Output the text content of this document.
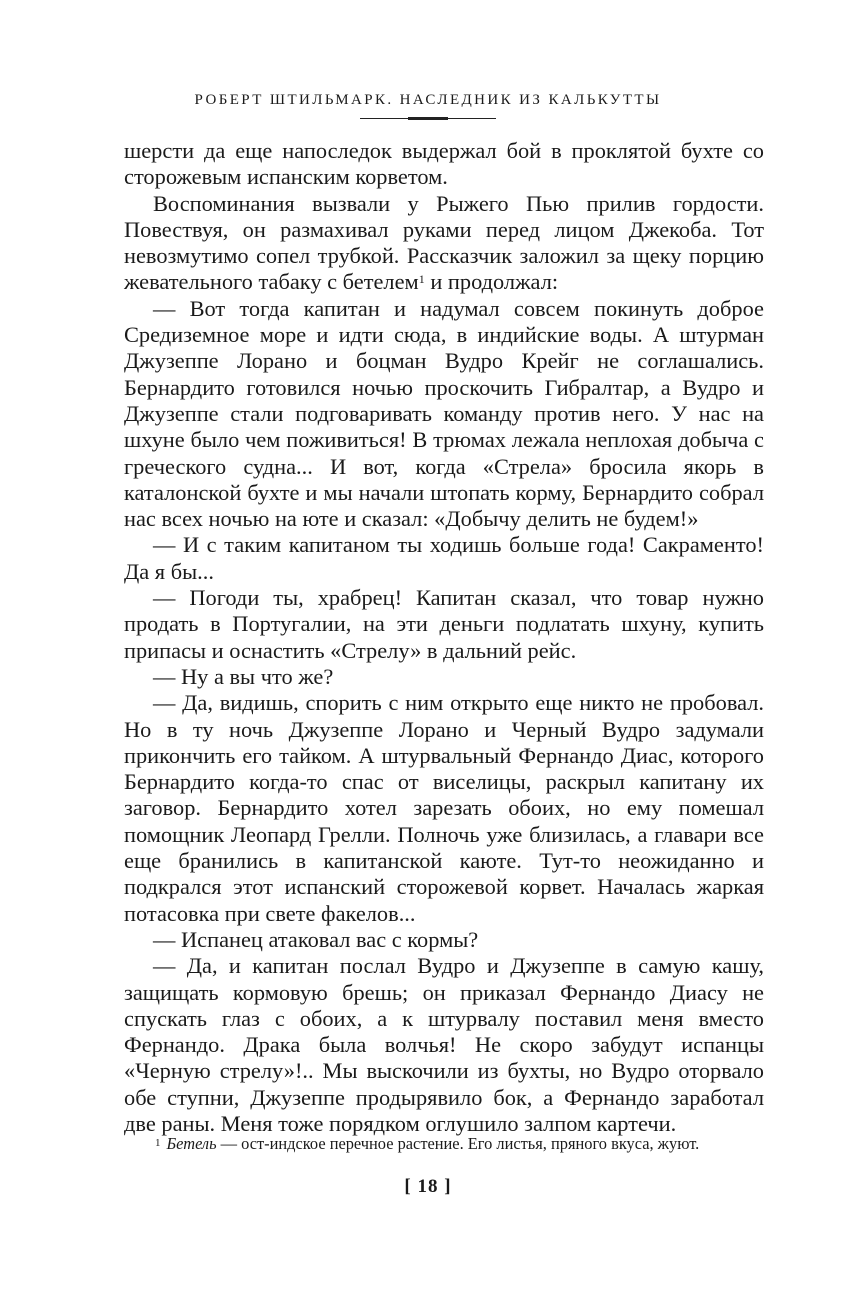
РОБЕРТ ШТИЛЬМАРК. НАСЛЕДНИК ИЗ КАЛЬКУТТЫ

шерсти да еще напоследок выдержал бой в проклятой бухте со сторожевым испанским корветом.

Воспоминания вызвали у Рыжего Пью прилив гордости. Повествуя, он размахивал руками перед лицом Джекоба. Тот невозмутимо сопел трубкой. Рассказчик заложил за щеку порцию жевательного табаку с бетелем$^1$ и продолжал:

— Вот тогда капитан и надумал совсем покинуть доброе Средиземное море и идти сюда, в индийские воды. А штурман Джузеппе Лорано и боцман Вудро Крейг не соглашались. Бернардито готовился ночью проскочить Гибралтар, а Вудро и Джузеппе стали подговаривать команду против него. У нас на шхуне было чем поживиться! В трюмах лежала неплохая добыча с греческого судна... И вот, когда «Стрела» бросила якорь в каталонской бухте и мы начали штопать корму, Бернардито собрал нас всех ночью на юте и сказал: «Добычу делить не будем!»

— И с таким капитаном ты ходишь больше года! Сакраменто! Да я бы...

— Погоди ты, храбрец! Капитан сказал, что товар нужно продать в Португалии, на эти деньги подлатать шхуну, купить припасы и оснастить «Стрелу» в дальний рейс.

— Ну а вы что же?

— Да, видишь, спорить с ним открыто еще никто не пробовал. Но в ту ночь Джузеппе Лорано и Черный Вудро задумали прикончить его тайком. А штурвальный Фернандо Диас, которого Бернардито когда-то спас от виселицы, раскрыл капитану их заговор. Бернардито хотел зарезать обоих, но ему помешал помощник Леопард Грелли. Полночь уже близилась, а главари все еще бранились в капитанской каюте. Тут-то неожиданно и подкрался этот испанский сторожевой корвет. Началась жаркая потасовка при свете факелов...

— Испанец атаковал вас с кормы?

— Да, и капитан послал Вудро и Джузеппе в самую кашу, защищать кормовую брешь; он приказал Фернандо Диасу не спускать глаз с обоих, а к штурвалу поставил меня вместо Фернандо. Драка была волчья! Не скоро забудут испанцы «Черную стрелу»!.. Мы выскочили из бухты, но Вудро оторвало обе ступни, Джузеппе продырявило бок, а Фернандо заработал две раны. Меня тоже порядком оглушило залпом картечи.

$^1$ Бетель — ост-индское перечное растение. Его листья, пряного вкуса, жуют.
[ 18 ]
